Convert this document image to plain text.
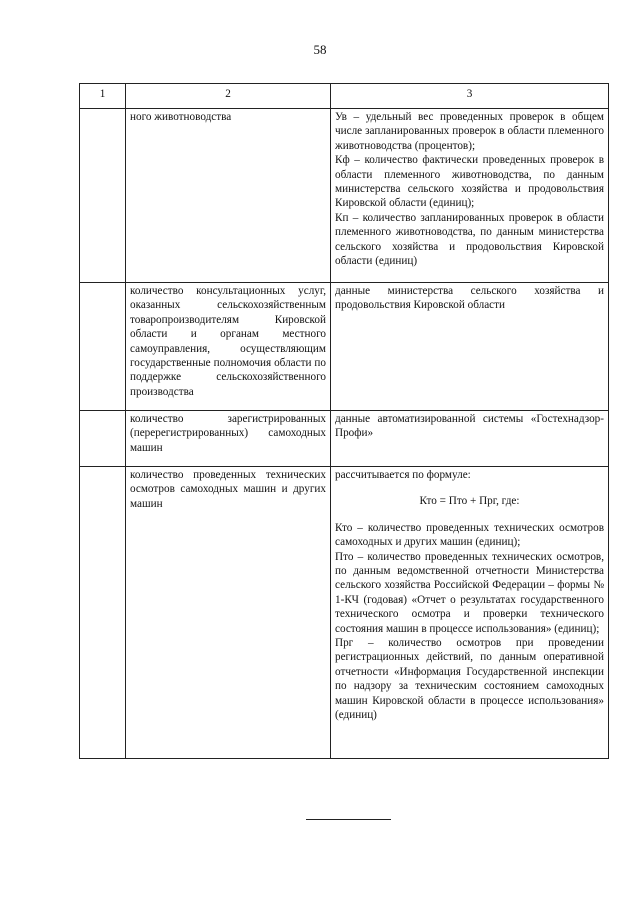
58
1	2	3
	ного животноводства	Ув – удельный вес проведенных проверок в общем числе запланированных проверок в области племенного животноводства (процентов);
Кф – количество фактически проведенных проверок в области племенного животноводства, по данным министерства сельского хозяйства и продовольствия Кировской области (единиц);
Кп – количество запланированных проверок в области племенного животноводства, по данным министерства сельского хозяйства и продовольствия Кировской области (единиц)

	количество консультационных услуг, оказанных сельскохозяйственным товаропроизводителям Кировской области и органам местного самоуправления, осуществляющим государственные полномочия области по поддержке сельскохозяйственного производства	данные министерства сельского хозяйства и продовольствия Кировской области

	количество зарегистрированных (перерегистрированных) самоходных машин	данные автоматизированной системы «Гостехнадзор-Профи»

	количество проведенных технических осмотров самоходных машин и других машин	рассчитывается по формуле:
Кто = Пто + Прг, где:
Кто – количество проведенных технических осмотров самоходных и других машин (единиц);
Пто – количество проведенных технических осмотров, по данным ведомственной отчетности Министерства сельского хозяйства Российской Федерации – формы № 1-КЧ (годовая) «Отчет о результатах государственного технического осмотра и проверки технического состояния машин в процессе использования» (единиц);
Прг – количество осмотров при проведении регистрационных действий, по данным оперативной отчетности «Информация Государственной инспекции по надзору за техническим состоянием самоходных машин Кировской области в процессе использования» (единиц)
